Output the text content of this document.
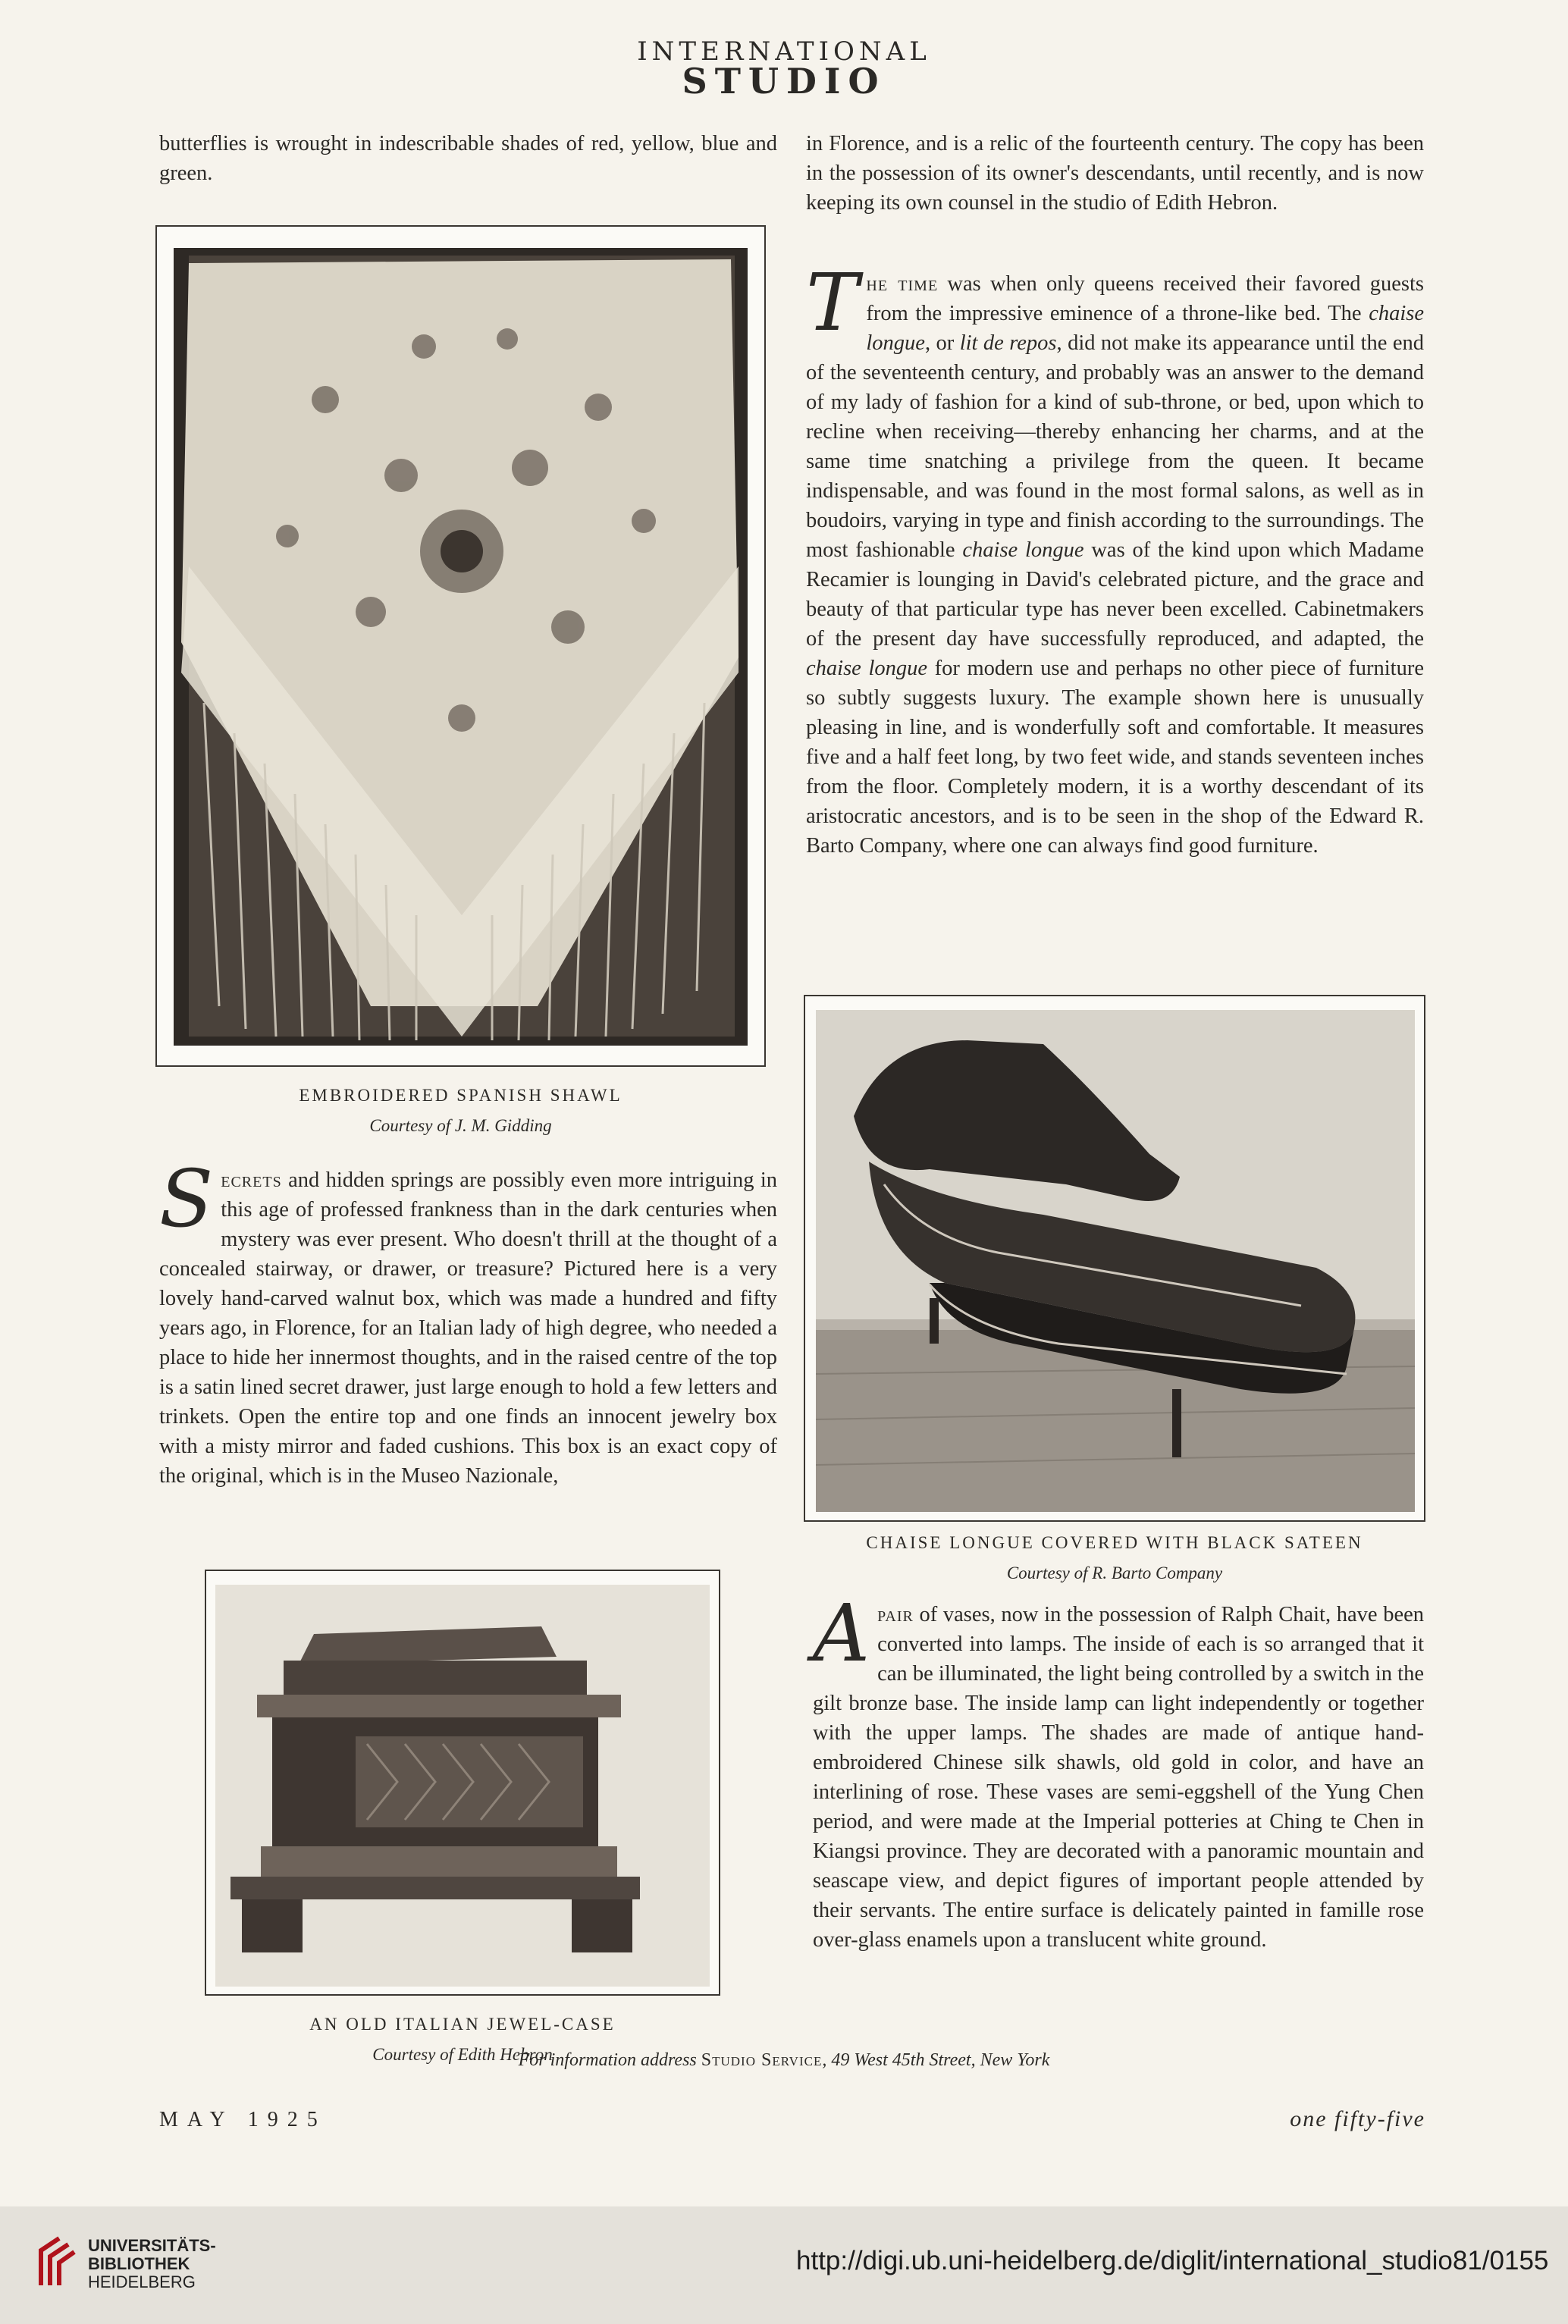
INTERNATIONAL
STUDIO

butterflies is wrought in indescribable shades of red, yellow, blue and green.

EMBROIDERED SPANISH SHAWL
Courtesy of J. M. Gidding

Secrets and hidden springs are possibly even more intriguing in this age of professed frankness than in the dark centuries when mystery was ever present. Who doesn't thrill at the thought of a concealed stairway, or drawer, or treasure? Pictured here is a very lovely hand-carved walnut box, which was made a hundred and fifty years ago, in Florence, for an Italian lady of high degree, who needed a place to hide her innermost thoughts, and in the raised centre of the top is a satin lined secret drawer, just large enough to hold a few letters and trinkets. Open the entire top and one finds an innocent jewelry box with a misty mirror and faded cushions. This box is an exact copy of the original, which is in the Museo Nazionale,

AN OLD ITALIAN JEWEL-CASE
Courtesy of Edith Hebron

in Florence, and is a relic of the fourteenth century. The copy has been in the possession of its owner's descendants, until recently, and is now keeping its own counsel in the studio of Edith Hebron.

The time was when only queens received their favored guests from the impressive eminence of a throne-like bed. The chaise longue, or lit de repos, did not make its appearance until the end of the seventeenth century, and probably was an answer to the demand of my lady of fashion for a kind of sub-throne, or bed, upon which to recline when receiving—thereby enhancing her charms, and at the same time snatching a privilege from the queen. It became indispensable, and was found in the most formal salons, as well as in boudoirs, varying in type and finish according to the surroundings. The most fashionable chaise longue was of the kind upon which Madame Recamier is lounging in David's celebrated picture, and the grace and beauty of that particular type has never been excelled. Cabinetmakers of the present day have successfully reproduced, and adapted, the chaise longue for modern use and perhaps no other piece of furniture so subtly suggests luxury. The example shown here is unusually pleasing in line, and is wonderfully soft and comfortable. It measures five and a half feet long, by two feet wide, and stands seventeen inches from the floor. Completely modern, it is a worthy descendant of its aristocratic ancestors, and is to be seen in the shop of the Edward R. Barto Company, where one can always find good furniture.

CHAISE LONGUE COVERED WITH BLACK SATEEN
Courtesy of R. Barto Company

Apair of vases, now in the possession of Ralph Chait, have been converted into lamps. The inside of each is so arranged that it can be illuminated, the light being controlled by a switch in the gilt bronze base. The inside lamp can light independently or together with the upper lamps. The shades are made of antique hand-embroidered Chinese silk shawls, old gold in color, and have an interlining of rose. These vases are semi-eggshell of the Yung Chen period, and were made at the Imperial potteries at Ching te Chen in Kiangsi province. They are decorated with a panoramic mountain and seascape view, and depict figures of important people attended by their servants. The entire surface is delicately painted in famille rose over-glass enamels upon a translucent white ground.

For information address Studio Service, 49 West 45th Street, New York
MAY 1925	one fifty-five
UNIVERSITÄTS-
BIBLIOTHEK
HEIDELBERG
http://digi.ub.uni-heidelberg.de/diglit/international_studio81/0155
